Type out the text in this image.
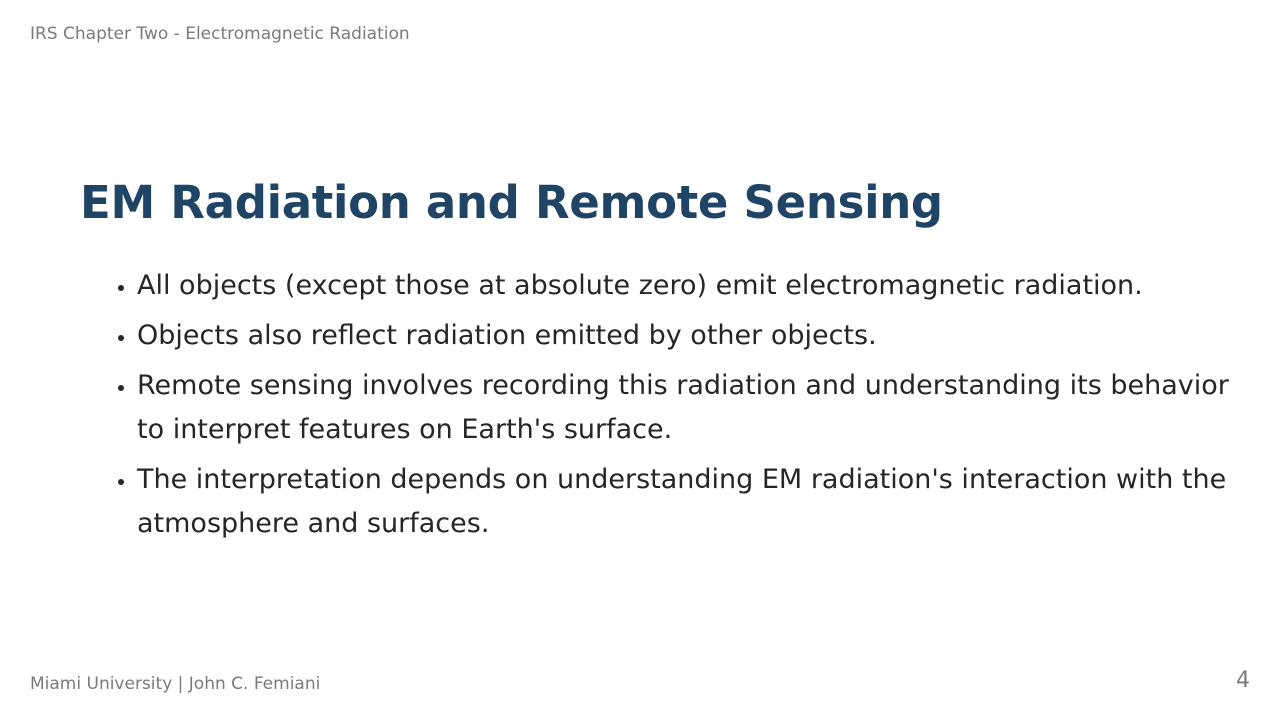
IRS Chapter Two - Electromagnetic Radiation
EM Radiation and Remote Sensing
• All objects (except those at absolute zero) emit electromagnetic radiation.
• Objects also reflect radiation emitted by other objects.
• Remote sensing involves recording this radiation and understanding its behavior to interpret features on Earth's surface.
• The interpretation depends on understanding EM radiation's interaction with the atmosphere and surfaces.
Miami University | John C. Femiani	4
